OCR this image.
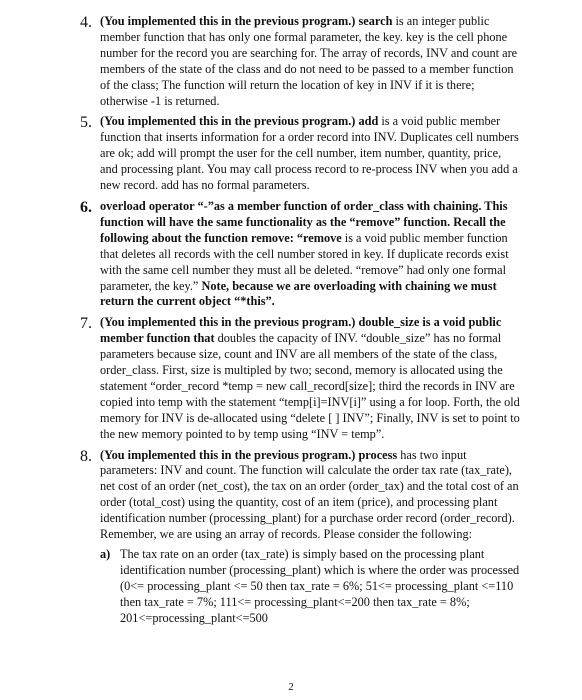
4. (You implemented this in the previous program.) search is an integer public member function that has only one formal parameter, the key. key is the cell phone number for the record you are searching for. The array of records, INV and count are members of the state of the class and do not need to be passed to a member function of the class; The function will return the location of key in INV if it is there; otherwise -1 is returned.
5. (You implemented this in the previous program.) add is a void public member function that inserts information for a order record into INV. Duplicates cell numbers are ok; add will prompt the user for the cell number, item number, quantity, price, and processing plant. You may call process record to re-process INV when you add a new record. add has no formal parameters.
6. overload operator “-”as a member function of order_class with chaining. This function will have the same functionality as the “remove” function. Recall the following about the function remove: “remove is a void public member function that deletes all records with the cell number stored in key. If duplicate records exist with the same cell number they must all be deleted. “remove” had only one formal parameter, the key.” Note, because we are overloading with chaining we must return the current object “*this”.
7. (You implemented this in the previous program.) double_size is a void public member function that doubles the capacity of INV. “double_size” has no formal parameters because size, count and INV are all members of the state of the class, order_class. First, size is multipled by two; second, memory is allocated using the statement “order_record *temp = new call_record[size]; third the records in INV are copied into temp with the statement “temp[i]=INV[i]” using a for loop. Forth, the old memory for INV is de-allocated using “delete [ ] INV”; Finally, INV is set to point to the new memory pointed to by temp using “INV = temp”.
8. (You implemented this in the previous program.) process has two input parameters: INV and count. The function will calculate the order tax rate (tax_rate), net cost of an order (net_cost), the tax on an order (order_tax) and the total cost of an order (total_cost) using the quantity, cost of an item (price), and processing plant identification number (processing_plant) for a purchase order record (order_record). Remember, we are using an array of records. Please consider the following:
a) The tax rate on an order (tax_rate) is simply based on the processing plant identification number (processing_plant) which is where the order was processed (0<= processing_plant <= 50 then tax_rate = 6%; 51<= processing_plant <=110 then tax_rate = 7%; 111<= processing_plant<=200 then tax_rate = 8%; 201<=processing_plant<=500
2
